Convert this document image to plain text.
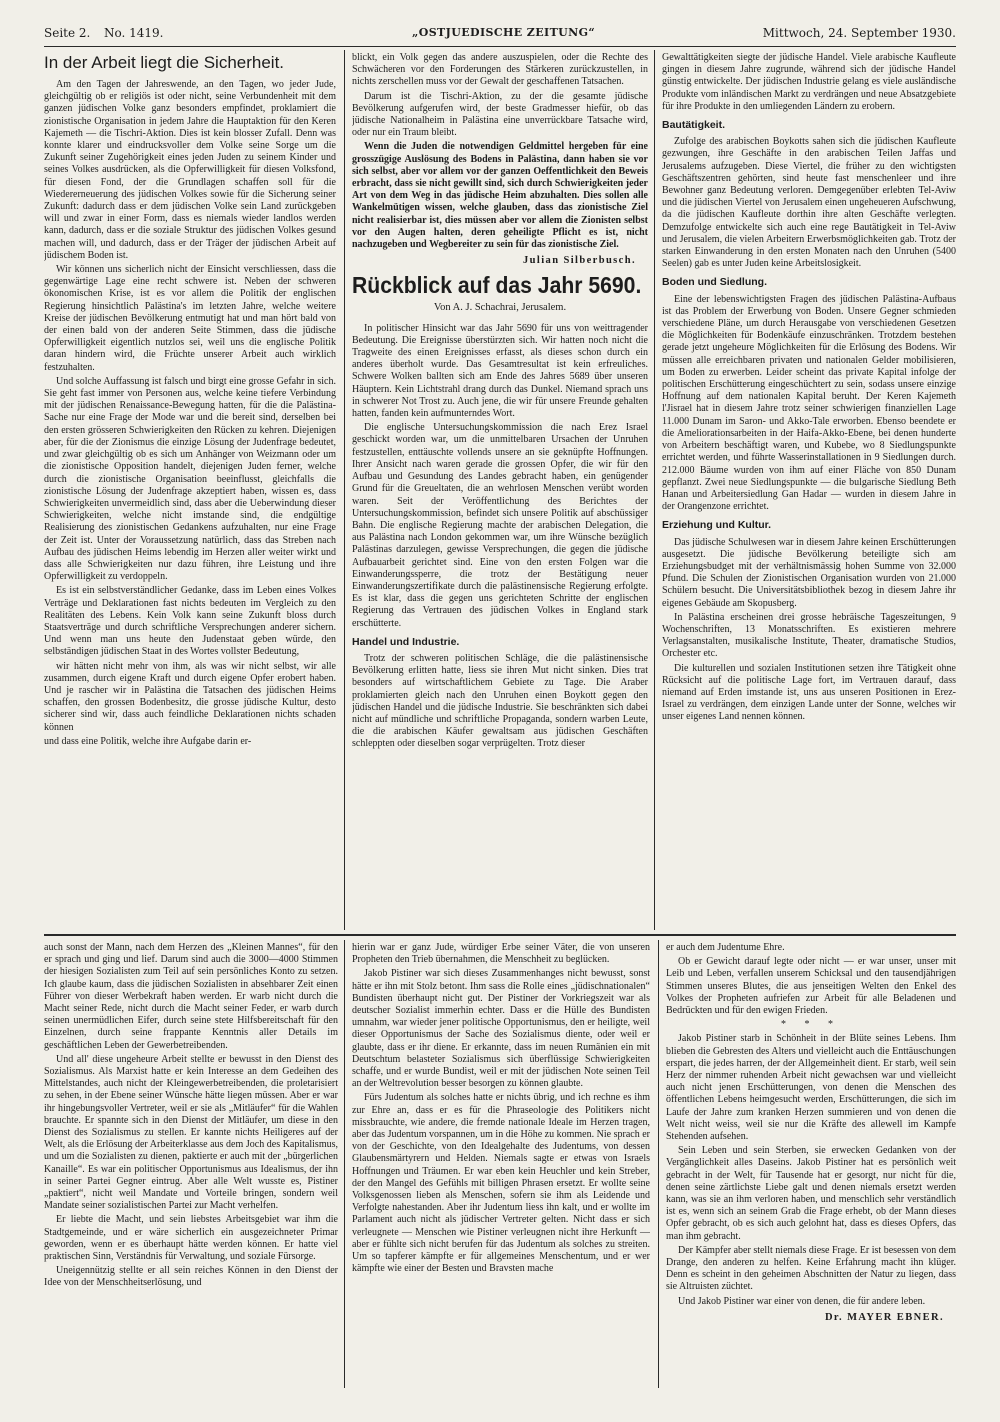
Seite 2. No. 1419.	„OSTJUEDISCHE ZEITUNG“	Mittwoch, 24. September 1930.
In der Arbeit liegt die Sicherheit.

Am den Tagen der Jahreswende, an den Tagen, wo jeder Jude, gleichgültig ob er religiös ist oder nicht, seine Verbundenheit mit dem ganzen jüdischen Volke ganz besonders empfindet, proklamiert die zionistische Organisation in jedem Jahre die Hauptaktion für den Keren Kajemeth — die Tischri-Aktion. Dies ist kein blosser Zufall. Denn was konnte klarer und eindrucksvoller dem Volke seine Sorge um die Zukunft seiner Zugehörigkeit eines jeden Juden zu seinem Kinder und seines Volkes ausdrücken, als die Opferwilligkeit für diesen Volksfond, für diesen Fond, der die Grundlagen schaffen soll für die Wiedererneuerung des jüdischen Volkes sowie für die Sicherung seiner Zukunft: dadurch dass er dem jüdischen Volke sein Land zurückgeben will und zwar in einer Form, dass es niemals wieder landlos werden kann, dadurch, dass er die soziale Struktur des jüdischen Volkes gesund machen will, und dadurch, dass er der Träger der jüdischen Arbeit auf jüdischem Boden ist.

Wir können uns sicherlich nicht der Einsicht verschliessen, dass die gegenwärtige Lage eine recht schwere ist. Neben der schweren ökonomischen Krise, ist es vor allem die Politik der englischen Regierung hinsichtlich Palästina's im letzten Jahre, welche weitere Kreise der jüdischen Bevölkerung entmutigt hat und man hört bald von der einen bald von der anderen Seite Stimmen, dass die jüdische Opferwilligkeit eigentlich nutzlos sei, weil uns die englische Politik daran hindern wird, die Früchte unserer Arbeit auch wirklich festzuhalten.

Und solche Auffassung ist falsch und birgt eine grosse Gefahr in sich. Sie geht fast immer von Personen aus, welche keine tiefere Verbindung mit der jüdischen Renaissance-Bewegung hatten, für die die Palästina-Sache nur eine Frage der Mode war und die bereit sind, derselben bei den ersten grösseren Schwierigkeiten den Rücken zu kehren. Diejenigen aber, für die der Zionismus die einzige Lösung der Judenfrage bedeutet, und zwar gleichgültig ob es sich um Anhänger von Weizmann oder um die zionistische Opposition handelt, diejenigen Juden ferner, welche durch die zionistische Organisation beeinflusst, gleichfalls die zionistische Lösung der Judenfrage akzeptiert haben, wissen es, dass Schwierigkeiten unvermeidlich sind, dass aber die Ueberwindung dieser Schwierigkeiten, welche nicht imstande sind, die endgültige Realisierung des zionistischen Gedankens aufzuhalten, nur eine Frage der Zeit ist. Unter der Voraussetzung natürlich, dass das Streben nach Aufbau des jüdischen Heims lebendig im Herzen aller weiter wirkt und dass alle Schwierigkeiten nur dazu führen, ihre Leistung und ihre Opferwilligkeit zu verdoppeln.

Es ist ein selbstverständlicher Gedanke, dass im Leben eines Volkes Verträge und Deklarationen fast nichts bedeuten im Vergleich zu den Realitäten des Lebens. Kein Volk kann seine Zukunft bloss durch Staatsverträge und durch schriftliche Versprechungen anderer sichern. Und wenn man uns heute den Judenstaat geben würde, den selbständigen jüdischen Staat in des Wortes vollster Bedeutung,

wir hätten nicht mehr von ihm, als was wir nicht selbst, wir alle zusammen, durch eigene Kraft und durch eigene Opfer erobert haben. Und je rascher wir in Palästina die Tatsachen des jüdischen Heims schaffen, den grossen Bodenbesitz, die grosse jüdische Kultur, desto sicherer sind wir, dass auch feindliche Deklarationen nichts schaden können

und dass eine Politik, welche ihre Aufgabe darin er-

blickt, ein Volk gegen das andere auszuspielen, oder die Rechte des Schwächeren vor den Forderungen des Stärkeren zurückzustellen, in nichts zerschellen muss vor der Gewalt der geschaffenen Tatsachen.

Darum ist die Tischri-Aktion, zu der die gesamte jüdische Bevölkerung aufgerufen wird, der beste Gradmesser hiefür, ob das jüdische Nationalheim in Palästina eine unverrückbare Tatsache wird, oder nur ein Traum bleibt.

Wenn die Juden die notwendigen Geldmittel hergeben für eine grosszügige Auslösung des Bodens in Palästina, dann haben sie vor sich selbst, aber vor allem vor der ganzen Oeffentlichkeit den Beweis erbracht, dass sie nicht gewillt sind, sich durch Schwierigkeiten jeder Art von dem Weg in das jüdische Heim abzuhalten. Dies sollen alle Wankelmütigen wissen, welche glauben, dass das zionistische Ziel nicht realisierbar ist, dies müssen aber vor allem die Zionisten selbst vor den Augen halten, deren geheiligte Pflicht es ist, nicht nachzugeben und Wegbereiter zu sein für das zionistische Ziel.

Julian Silberbusch.
Rückblick auf das Jahr 5690.
Von A. J. Schachrai, Jerusalem.

In politischer Hinsicht war das Jahr 5690 für uns von weittragender Bedeutung. Die Ereignisse überstürzten sich. Wir hatten noch nicht die Tragweite des einen Ereignisses erfasst, als dieses schon durch ein anderes überholt wurde. Das Gesamtresultat ist kein erfreuliches. Schwere Wolken ballten sich am Ende des Jahres 5689 über unseren Häuptern. Kein Lichtstrahl drang durch das Dunkel. Niemand sprach uns in schwerer Not Trost zu. Auch jene, die wir für unsere Freunde gehalten hatten, fanden kein aufmunterndes Wort.

Die englische Untersuchungskommission die nach Erez Israel geschickt worden war, um die unmittelbaren Ursachen der Unruhen festzustellen, enttäuschte vollends unsere an sie geknüpfte Hoffnungen. Ihrer Ansicht nach waren gerade die grossen Opfer, die wir für den Aufbau und Gesundung des Landes gebracht haben, ein genügender Grund für die Greueltaten, die an wehrlosen Menschen verübt worden waren. Seit der Veröffentlichung des Berichtes der Untersuchungskommission, befindet sich unsere Politik auf abschüssiger Bahn. Die englische Regierung machte der arabischen Delegation, die aus Palästina nach London gekommen war, um ihre Wünsche bezüglich Palästinas darzulegen, gewisse Versprechungen, die gegen die jüdische Aufbauarbeit gerichtet sind. Eine von den ersten Folgen war die Einwanderungssperre, die trotz der Bestätigung neuer Einwanderungszertifikate durch die palästinensische Regierung erfolgte. Es ist klar, dass die gegen uns gerichteten Schritte der englischen Regierung das Vertrauen des jüdischen Volkes in England stark erschütterte.

Handel und Industrie.

Trotz der schweren politischen Schläge, die die palästinensische Bevölkerung erlitten hatte, liess sie ihren Mut nicht sinken. Dies trat besonders auf wirtschaftlichem Gebiete zu Tage. Die Araber proklamierten gleich nach den Unruhen einen Boykott gegen den jüdischen Handel und die jüdische Industrie. Sie beschränkten sich dabei nicht auf mündliche und schriftliche Propaganda, sondern warben Leute, die die arabischen Käufer gewaltsam aus jüdischen Geschäften schleppten oder dieselben sogar verprügelten. Trotz dieser

Gewalttätigkeiten siegte der jüdische Handel. Viele arabische Kaufleute gingen in diesem Jahre zugrunde, während sich der jüdische Handel günstig entwickelte. Der jüdischen Industrie gelang es viele ausländische Produkte vom inländischen Markt zu verdrängen und neue Absatzgebiete für ihre Produkte in den umliegenden Ländern zu erobern.

Bautätigkeit.

Zufolge des arabischen Boykotts sahen sich die jüdischen Kaufleute gezwungen, ihre Geschäfte in den arabischen Teilen Jaffas und Jerusalems aufzugeben. Diese Viertel, die früher zu den wichtigsten Geschäftszentren gehörten, sind heute fast menschenleer und ihre Bewohner ganz Bedeutung verloren. Demgegenüber erlebten Tel-Aviw und die jüdischen Viertel von Jerusalem einen ungeheueren Aufschwung, da die jüdischen Kaufleute dorthin ihre alten Geschäfte verlegten. Demzufolge entwickelte sich auch eine rege Bautätigkeit in Tel-Aviw und Jerusalem, die vielen Arbeitern Erwerbsmöglichkeiten gab. Trotz der starken Einwanderung in den ersten Monaten nach den Unruhen (5400 Seelen) gab es unter Juden keine Arbeitslosigkeit.

Boden und Siedlung.

Eine der lebenswichtigsten Fragen des jüdischen Palästina-Aufbaus ist das Problem der Erwerbung von Boden. Unsere Gegner schmieden verschiedene Pläne, um durch Herausgabe von verschiedenen Gesetzen die Möglichkeiten für Bodenkäufe einzuschränken. Trotzdem bestehen gerade jetzt ungeheure Möglichkeiten für die Erlösung des Bodens. Wir müssen alle erreichbaren privaten und nationalen Gelder mobilisieren, um Boden zu erwerben. Leider scheint das private Kapital infolge der politischen Erschütterung eingeschüchtert zu sein, sodass unsere einzige Hoffnung auf dem nationalen Kapital beruht. Der Keren Kajemeth l'Jisrael hat in diesem Jahre trotz seiner schwierigen finanziellen Lage 11.000 Dunam im Saron- und Akko-Tale erworben. Ebenso beendete er die Ameliorationsarbeiten in der Haifa-Akko-Ebene, bei denen hunderte von Arbeitern beschäftigt waren, und Kubebe, wo 8 Siedlungspunkte errichtet werden, und führte Wasserinstallationen in 9 Siedlungen durch. 212.000 Bäume wurden von ihm auf einer Fläche von 850 Dunam gepflanzt. Zwei neue Siedlungspunkte — die bulgarische Siedlung Beth Hanan und Arbeitersiedlung Gan Hadar — wurden in diesem Jahre in der Orangenzone errichtet.

Erziehung und Kultur.

Das jüdische Schulwesen war in diesem Jahre keinen Erschütterungen ausgesetzt. Die jüdische Bevölkerung beteiligte sich am Erziehungsbudget mit der verhältnismässig hohen Summe von 32.000 Pfund. Die Schulen der Zionistischen Organisation wurden von 21.000 Schülern besucht. Die Universitätsbibliothek bezog in diesem Jahre ihr eigenes Gebäude am Skopusberg.

In Palästina erscheinen drei grosse hebräische Tageszeitungen, 9 Wochenschriften, 13 Monatsschriften. Es existieren mehrere Verlagsanstalten, musikalische Institute, Theater, dramatische Studios, Orchester etc.

Die kulturellen und sozialen Institutionen setzen ihre Tätigkeit ohne Rücksicht auf die politische Lage fort, im Vertrauen darauf, dass niemand auf Erden imstande ist, uns aus unseren Positionen in Erez-Israel zu verdrängen, dem einzigen Lande unter der Sonne, welches wir unser eigenes Land nennen können.

auch sonst der Mann, nach dem Herzen des „Kleinen Mannes“, für den er sprach und ging und lief. Darum sind auch die 3000—4000 Stimmen der hiesigen Sozialisten zum Teil auf sein persönliches Konto zu setzen. Ich glaube kaum, dass die jüdischen Sozialisten in absehbarer Zeit einen Führer von dieser Werbekraft haben werden. Er warb nicht durch die Macht seiner Rede, nicht durch die Macht seiner Feder, er warb durch seinen unermüdlichen Eifer, durch seine stete Hilfsbereitschaft für den Einzelnen, durch seine frappante Kenntnis aller Details im geschäftlichen Leben der Gewerbetreibenden.

Und all' diese ungeheure Arbeit stellte er bewusst in den Dienst des Sozialismus. Als Marxist hatte er kein Interesse an dem Gedeihen des Mittelstandes, auch nicht der Kleingewerbetreibenden, die proletarisiert zu sehen, in der Ebene seiner Wünsche hätte liegen müssen. Aber er war ihr hingebungsvoller Vertreter, weil er sie als „Mitläufer“ für die Wahlen brauchte. Er spannte sich in den Dienst der Mitläufer, um diese in den Dienst des Sozialismus zu stellen. Er kannte nichts Heiligeres auf der Welt, als die Erlösung der Arbeiterklasse aus dem Joch des Kapitalismus, und um die Sozialisten zu dienen, paktierte er auch mit der „bürgerlichen Kanaille“. Es war ein politischer Opportunismus aus Idealismus, der ihn in seiner Partei Gegner eintrug. Aber alle Welt wusste es, Pistiner „paktiert“, nicht weil Mandate und Vorteile bringen, sondern weil Mandate seiner sozialistischen Partei zur Macht verhelfen.

Er liebte die Macht, und sein liebstes Arbeitsgebiet war ihm die Stadtgemeinde, und er wäre sicherlich ein ausgezeichneter Primar geworden, wenn er es überhaupt hätte werden können. Er hatte viel praktischen Sinn, Verständnis für Verwaltung, und soziale Fürsorge.

Uneigennützig stellte er all sein reiches Können in den Dienst der Idee von der Menschheitserlösung, und

hierin war er ganz Jude, würdiger Erbe seiner Väter, die von unseren Propheten den Trieb übernahmen, die Menschheit zu beglücken.

Jakob Pistiner war sich dieses Zusammenhanges nicht bewusst, sonst hätte er ihn mit Stolz betont. Ihm sass die Rolle eines „jüdischnationalen“ Bundisten überhaupt nicht gut. Der Pistiner der Vorkriegszeit war als deutscher Sozialist immerhin echter. Dass er die Hülle des Bundisten umnahm, war wieder jener politische Opportunismus, den er heiligte, weil dieser Opportunismus der Sache des Sozialismus diente, oder weil er glaubte, dass er ihr diene. Er erkannte, dass im neuen Rumänien ein mit Deutschtum belasteter Sozialismus sich überflüssige Schwierigkeiten schaffe, und er wurde Bundist, weil er mit der jüdischen Note seinen Teil an der Weltrevolution besser besorgen zu können glaubte.

Fürs Judentum als solches hatte er nichts übrig, und ich rechne es ihm zur Ehre an, dass er es für die Phraseologie des Politikers nicht missbrauchte, wie andere, die fremde nationale Ideale im Herzen tragen, aber das Judentum vorspannen, um in die Höhe zu kommen. Nie sprach er von der Geschichte, von den Idealgehalte des Judentums, von dessen Glaubensmärtyrern und Helden. Niemals sagte er etwas von Israels Hoffnungen und Träumen. Er war eben kein Heuchler und kein Streber, der den Mangel des Gefühls mit billigen Phrasen ersetzt. Er wollte seine Volksgenossen lieben als Menschen, sofern sie ihm als Leidende und Verfolgte nahestanden. Aber ihr Judentum liess ihn kalt, und er wollte im Parlament auch nicht als jüdischer Vertreter gelten. Nicht dass er sich verleugnete — Menschen wie Pistiner verleugnen nicht ihre Herkunft — aber er fühlte sich nicht berufen für das Judentum als solches zu streiten. Um so tapferer kämpfte er für allgemeines Menschentum, und er wer kämpfte wie einer der Besten und Bravsten mache

er auch dem Judentume Ehre.

Ob er Gewicht darauf legte oder nicht — er war unser, unser mit Leib und Leben, verfallen unserem Schicksal und den tausendjährigen Stimmen unseres Blutes, die aus jenseitigen Welten den Enkel des Volkes der Propheten aufriefen zur Arbeit für alle Beladenen und Bedrückten und für den ewigen Frieden.

* * *

Jakob Pistiner starb in Schönheit in der Blüte seines Lebens. Ihm blieben die Gebresten des Alters und vielleicht auch die Enttäuschungen erspart, die jedes harren, der der Allgemeinheit dient. Er starb, weil sein Herz der nimmer ruhenden Arbeit nicht gewachsen war und vielleicht auch nicht jenen Erschütterungen, von denen die Menschen des öffentlichen Lebens heimgesucht werden, Erschütterungen, die sich im Laufe der Jahre zum kranken Herzen summieren und von denen die Welt nicht weiss, weil sie nur die Kräfte des allewell im Kampfe Stehenden aufsehen.

Sein Leben und sein Sterben, sie erwecken Gedanken von der Vergänglichkeit alles Daseins. Jakob Pistiner hat es persönlich weit gebracht in der Welt, für Tausende hat er gesorgt, nur nicht für die, denen seine zärtlichste Liebe galt und denen niemals ersetzt werden kann, was sie an ihm verloren haben, und menschlich sehr verständlich ist es, wenn sich an seinem Grab die Frage erhebt, ob der Mann dieses Opfer gebracht, ob es sich auch gelohnt hat, dass es dieses Opfers, das man ihm gebracht.

Der Kämpfer aber stellt niemals diese Frage. Er ist besessen von dem Drange, den anderen zu helfen. Keine Erfahrung macht ihn klüger. Denn es scheint in den geheimen Abschnitten der Natur zu liegen, dass sie Altruisten züchtet.

Und Jakob Pistiner war einer von denen, die für andere leben.

Dr. MAYER EBNER.
